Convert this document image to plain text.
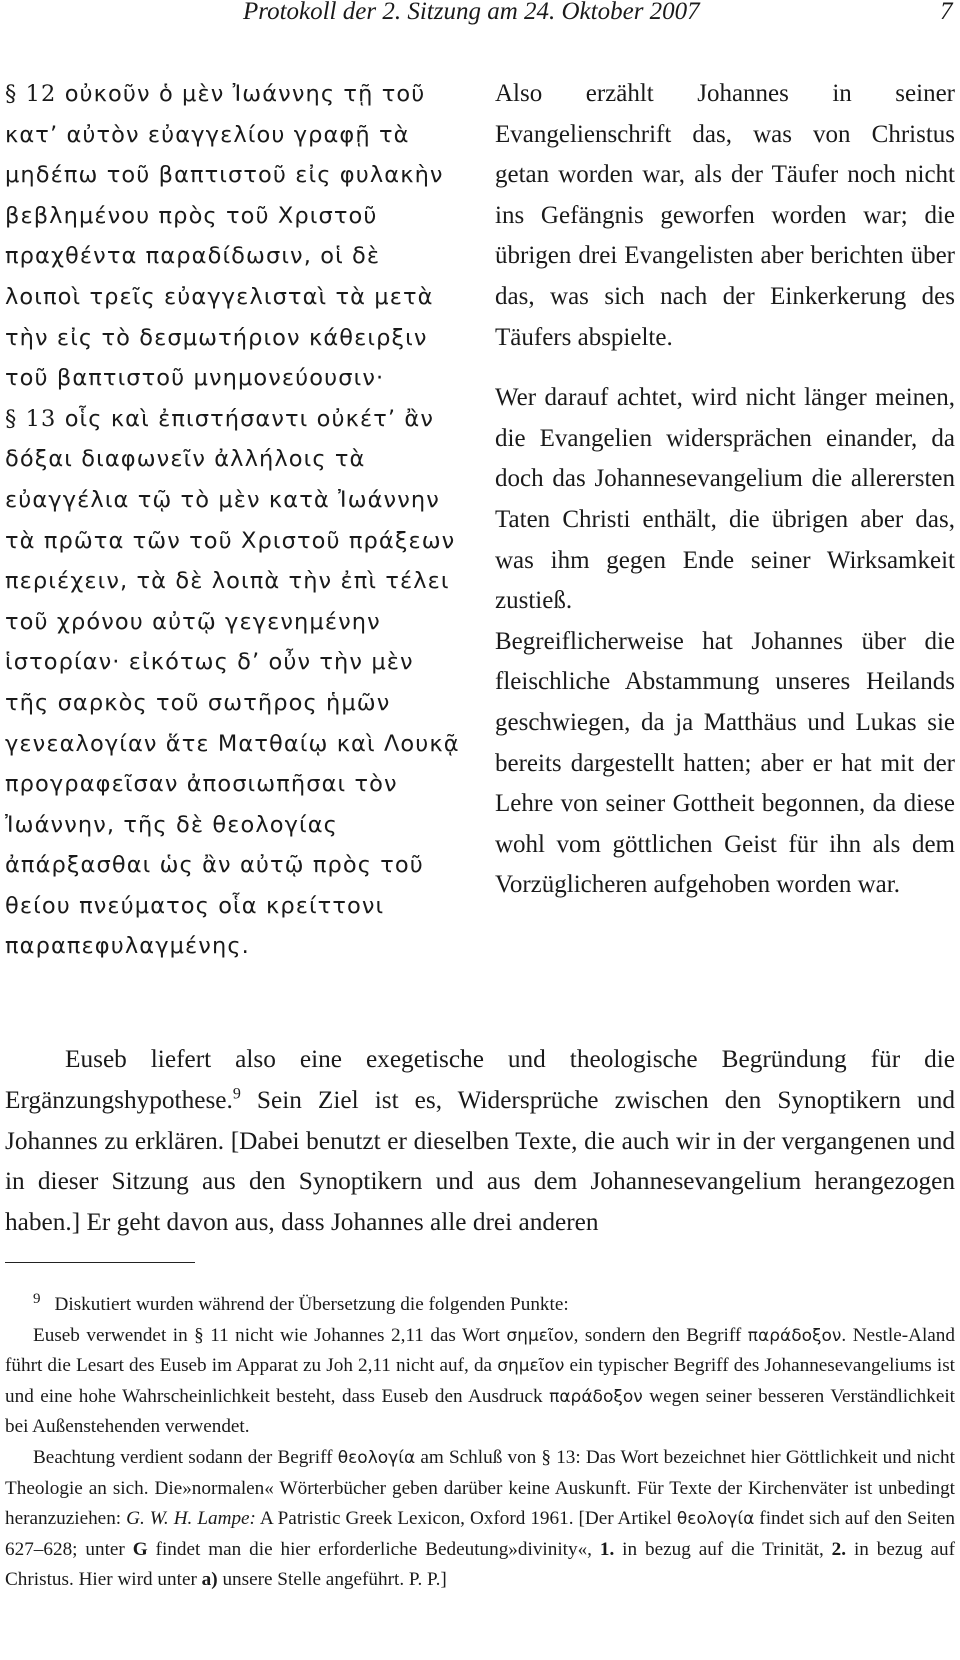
Protokoll der 2. Sitzung am 24. Oktober 2007	7

§ 12 οὐκοῦν ὁ μὲν Ἰωάννης τῇ τοῦ κατ’ αὐτὸν εὐαγγελίου γραφῇ τὰ μηδέπω τοῦ βαπτιστοῦ εἰς φυλακὴν βεβλημένου πρὸς τοῦ Χριστοῦ πραχθέντα παραδίδωσιν, οἱ δὲ λοιποὶ τρεῖς εὐαγγελισταὶ τὰ μετὰ τὴν εἰς τὸ δεσμωτήριον κάθειρξιν τοῦ βαπτιστοῦ μνημονεύουσιν·

§ 13 οἷς καὶ ἐπιστήσαντι οὐκέτ’ ἂν δόξαι διαφωνεῖν ἀλλήλοις τὰ εὐαγγέλια τῷ τὸ μὲν κατὰ Ἰωάννην τὰ πρῶτα τῶν τοῦ Χριστοῦ πράξεων περιέχειν, τὰ δὲ λοιπὰ τὴν ἐπὶ τέλει τοῦ χρόνου αὐτῷ γεγενημένην ἱστορίαν· εἰκότως δ’ οὖν τὴν μὲν τῆς σαρκὸς τοῦ σωτῆρος ἡμῶν γενεαλογίαν ἅτε Ματθαίῳ καὶ Λουκᾷ προγραφεῖσαν ἀποσιωπῆσαι τὸν Ἰωάννην, τῆς δὲ θεολογίας ἀπάρξασθαι ὡς ἂν αὐτῷ πρὸς τοῦ θείου πνεύματος οἷα κρείττονι παραπεφυλαγμένης.

Also erzählt Johannes in seiner Evangelienschrift das, was von Christus getan worden war, als der Täufer noch nicht ins Gefängnis geworfen worden war; die übrigen drei Evangelisten aber berichten über das, was sich nach der Einkerkerung des Täufers abspielte.

Wer darauf achtet, wird nicht länger meinen, die Evangelien widersprächen einander, da doch das Johannesevangelium die allerersten Taten Christi enthält, die übrigen aber das, was ihm gegen Ende seiner Wirksamkeit zustieß.

Begreiflicherweise hat Johannes über die fleischliche Abstammung unseres Heilands geschwiegen, da ja Matthäus und Lukas sie bereits dargestellt hatten; aber er hat mit der Lehre von seiner Gottheit begonnen, da diese wohl vom göttlichen Geist für ihn als dem Vorzüglicheren aufgehoben worden war.

Euseb liefert also eine exegetische und theologische Begründung für die Ergänzungshypothese.$^9$ Sein Ziel ist es, Widersprüche zwischen den Synoptikern und Johannes zu erklären. [Dabei benutzt er dieselben Texte, die auch wir in der vergangenen und in dieser Sitzung aus den Synoptikern und aus dem Johannesevangelium herangezogen haben.] Er geht davon aus, dass Johannes alle drei anderen

$^9$ Diskutiert wurden während der Übersetzung die folgenden Punkte:

Euseb verwendet in § 11 nicht wie Johannes 2,11 das Wort σημεῖον, sondern den Begriff παράδοξον. Nestle-Aland führt die Lesart des Euseb im Apparat zu Joh 2,11 nicht auf, da σημεῖον ein typischer Begriff des Johannesevangeliums ist und eine hohe Wahrscheinlichkeit besteht, dass Euseb den Ausdruck παράδοξον wegen seiner besseren Verständlichkeit bei Außenstehenden verwendet.

Beachtung verdient sodann der Begriff θεολογία am Schluß von § 13: Das Wort bezeichnet hier Göttlichkeit und nicht Theologie an sich. Die»normalen« Wörterbücher geben darüber keine Auskunft. Für Texte der Kirchenväter ist unbedingt heranzuziehen: G. W. H. Lampe: A Patristic Greek Lexicon, Oxford 1961. [Der Artikel θεολογία findet sich auf den Seiten 627–628; unter G findet man die hier erforderliche Bedeutung»divinity«, 1. in bezug auf die Trinität, 2. in bezug auf Christus. Hier wird unter a) unsere Stelle angeführt. P. P.]
